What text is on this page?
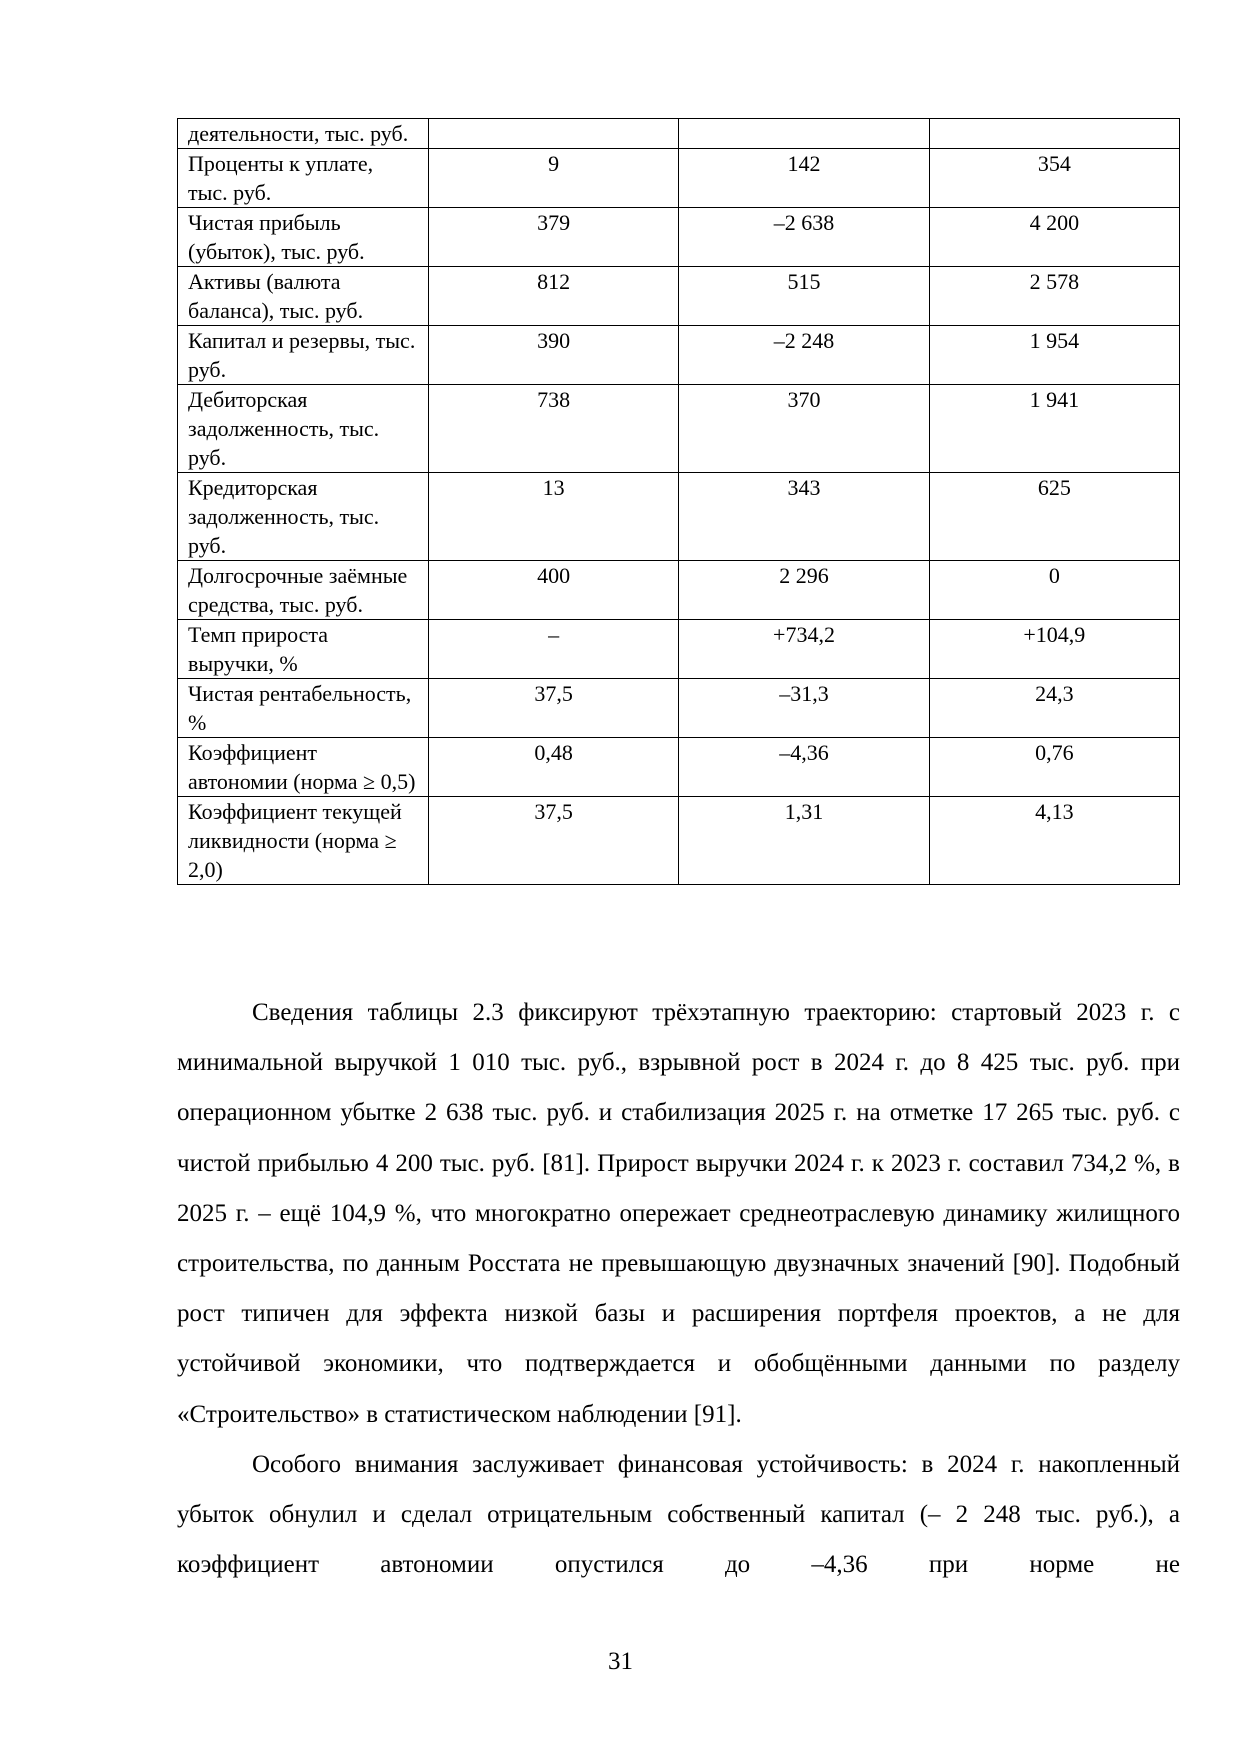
деятельности, тыс. руб.			
Проценты к уплате, тыс. руб.	9	142	354
Чистая прибыль (убыток), тыс. руб.	379	–2 638	4 200
Активы (валюта баланса), тыс. руб.	812	515	2 578
Капитал и резервы, тыс. руб.	390	–2 248	1 954
Дебиторская задолженность, тыс. руб.	738	370	1 941
Кредиторская задолженность, тыс. руб.	13	343	625
Долгосрочные заёмные средства, тыс. руб.	400	2 296	0
Темп прироста выручки, %	–	+734,2	+104,9
Чистая рентабельность, %	37,5	–31,3	24,3
Коэффициент автономии (норма ≥ 0,5)	0,48	–4,36	0,76
Коэффициент текущей ликвидности (норма ≥ 2,0)	37,5	1,31	4,13

Сведения таблицы 2.3 фиксируют трёхэтапную траекторию: стартовый 2023 г. с минимальной выручкой 1 010 тыс. руб., взрывной рост в 2024 г. до 8 425 тыс. руб. при операционном убытке 2 638 тыс. руб. и стабилизация 2025 г. на отметке 17 265 тыс. руб. с чистой прибылью 4 200 тыс. руб. [81]. Прирост выручки 2024 г. к 2023 г. составил 734,2 %, в 2025 г. – ещё 104,9 %, что многократно опережает среднеотраслевую динамику жилищного строительства, по данным Росстата не превышающую двузначных значений [90]. Подобный рост типичен для эффекта низкой базы и расширения портфеля проектов, а не для устойчивой экономики, что подтверждается и обобщёнными данными по разделу «Строительство» в статистическом наблюдении [91].

Особого внимания заслуживает финансовая устойчивость: в 2024 г. накопленный убыток обнулил и сделал отрицательным собственный капитал (– 2 248 тыс. руб.), а коэффициент автономии опустился до –4,36 при норме не

31
